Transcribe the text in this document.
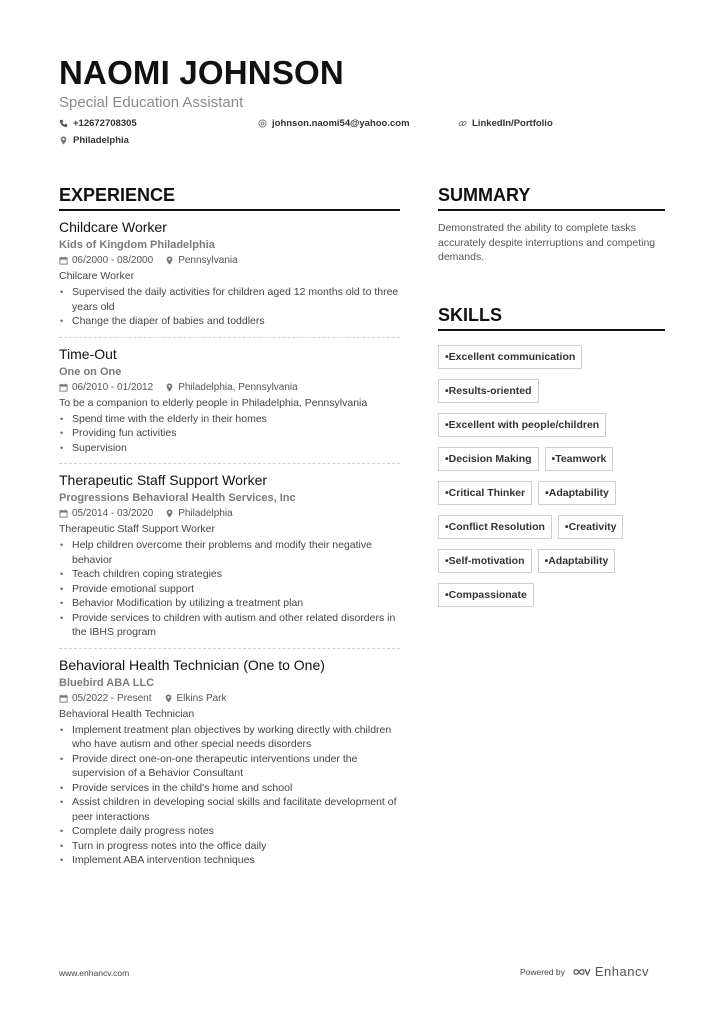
NAOMI JOHNSON
Special Education Assistant
+12672708305	johnson.naomi54@yahoo.com	LinkedIn/Portfolio
Philadelphia
EXPERIENCE
Childcare Worker
Kids of Kingdom Philadelphia
06/2000 - 08/2000	Pennsylvania
Chilcare Worker
• Supervised the daily activities for children aged 12 months old to three years old
• Change the diaper of babies and toddlers
Time-Out
One on One
06/2010 - 01/2012	Philadelphia, Pennsylvania
To be a companion to elderly people in Philadelphia, Pennsylvania
• Spend time with the elderly in their homes
• Providing fun activities
• Supervision
Therapeutic Staff Support Worker
Progressions Behavioral Health Services, Inc
05/2014 - 03/2020	Philadelphia
Therapeutic Staff Support Worker
• Help children overcome their problems and modify their negative behavior
• Teach children coping strategies
• Provide emotional support
• Behavior Modification by utilizing a treatment plan
• Provide services to children with autism and other related disorders in the IBHS program
Behavioral Health Technician (One to One)
Bluebird ABA LLC
05/2022 - Present	Elkins Park
Behavioral Health Technician
• Implement treatment plan objectives by working directly with children who have autism and other special needs disorders
• Provide direct one-on-one therapeutic interventions under the supervision of a Behavior Consultant
• Provide services in the child's home and school
• Assist children in developing social skills and facilitate development of peer interactions
• Complete daily progress notes
• Turn in progress notes into the office daily
• Implement ABA intervention techniques
SUMMARY
Demonstrated the ability to complete tasks accurately despite interruptions and competing demands.
SKILLS
•Excellent communication
•Results-oriented
•Excellent with people/children
•Decision Making	•Teamwork
•Critical Thinker	•Adaptability
•Conflict Resolution	•Creativity
•Self-motivation	•Adaptability
•Compassionate
www.enhancv.com	Powered by Enhancv
